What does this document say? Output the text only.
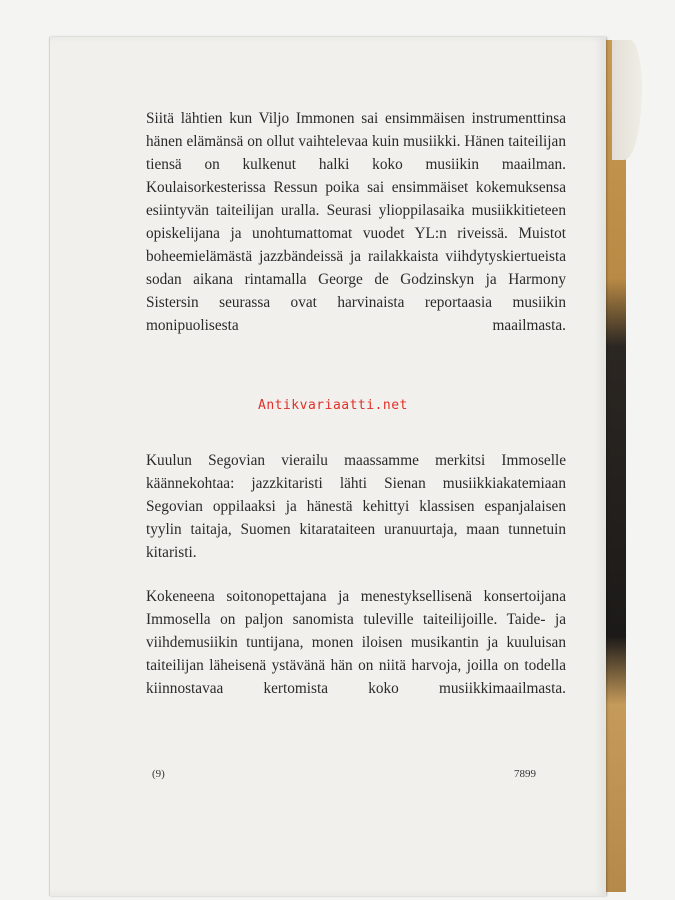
Siitä lähtien kun Viljo Immonen sai ensimmäisen instrumenttinsa hänen elämänsä on ollut vaihtelevaa kuin musiikki. Hänen taiteilijan tiensä on kulkenut halki koko musiikin maailman. Koulaisorkesterissa Ressun poika sai ensimmäiset kokemuksensa esiintyvän taiteilijan uralla. Seurasi ylioppilasaika musiikkitieteen opiskelijana ja unohtumattomat vuodet YL:n riveissä. Muistot boheemielämästä jazzbändeissä ja railakkaista viihdytyskiertueista sodan aikana rintamalla George de Godzinskyn ja Harmony Sistersin seurassa ovat harvinaista reportaasia musiikin monipuolisesta maailmasta.

Kuulun Segovian vierailu maassamme merkitsi Immoselle käännekohtaa: jazzkitaristi lähti Sienan musiikkiakatemiaan Segovian oppilaaksi ja hänestä kehittyi klassisen espanjalaisen tyylin taitaja, Suomen kitarataiteen uranuurtaja, maan tunnetuin kitaristi.

Kokeneena soitonopettajana ja menestyksellisenä konsertoijana Immosella on paljon sanomista tuleville taiteilijoille. Taide- ja viihdemusiikin tuntijana, monen iloisen musikantin ja kuuluisan taiteilijan läheisenä ystävänä hän on niitä harvoja, joilla on todella kiinnostavaa kertomista koko musiikkimaailmasta.

Antikvariaatti.net
(9)	7899
